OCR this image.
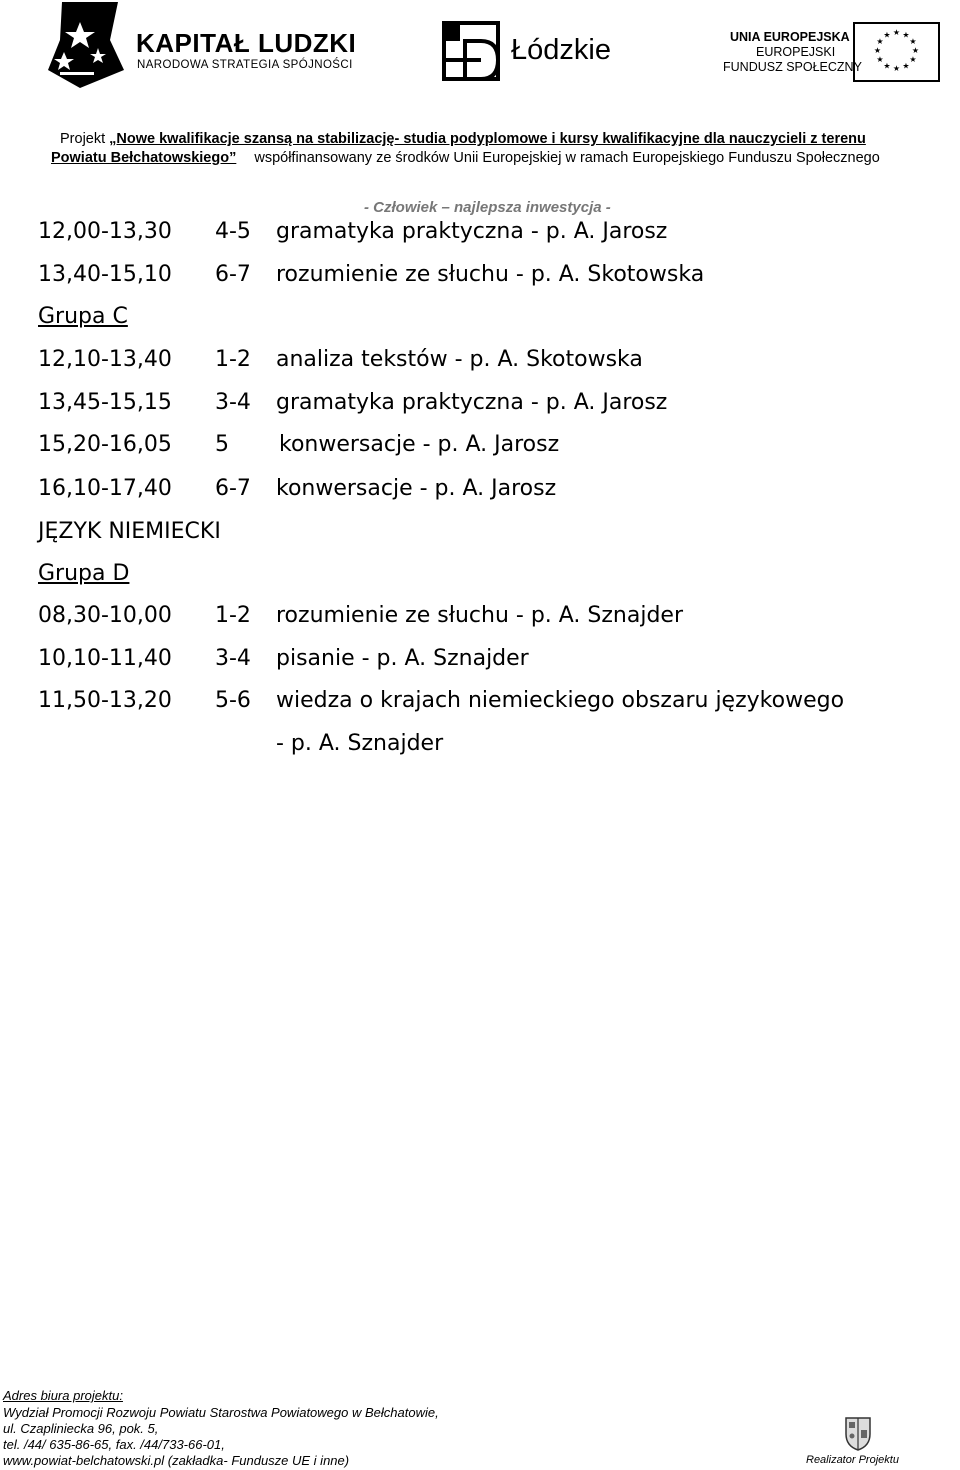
KAPITAŁ LUDZKI
NARODOWA STRATEGIA SPÓJNOŚCI	Łódzkie	UNIA EUROPEJSKA
EUROPEJSKI
FUNDUSZ SPOŁECZNY
★ ★
★
★
★
★
★
★
★
★
★
★
Projekt „Nowe kwalifikacje szansą na stabilizację- studia podyplomowe i kursy kwalifikacyjne dla nauczycieli z terenu
Powiatu Bełchatowskiego” współfinansowany ze środków Unii Europejskiej w ramach Europejskiego Funduszu Społecznego
- Człowiek – najlepsza inwestycja -
12,00-13,30 4-5 gramatyka praktyczna - p. A. Jarosz
13,40-15,10 6-7 rozumienie ze słuchu - p. A. Skotowska
Grupa C
12,10-13,40 1-2 analiza tekstów - p. A. Skotowska
13,45-15,15 3-4 gramatyka praktyczna - p. A. Jarosz
15,20-16,05 5 konwersacje - p. A. Jarosz
16,10-17,40 6-7 konwersacje - p. A. Jarosz
JĘZYK NIEMIECKI
Grupa D
08,30-10,00 1-2 rozumienie ze słuchu - p. A. Sznajder
10,10-11,40 3-4 pisanie - p. A. Sznajder
11,50-13,20 5-6 wiedza o krajach niemieckiego obszaru językowego
- p. A. Sznajder
Adres biura projektu:
Wydział Promocji Rozwoju Powiatu Starostwa Powiatowego w Bełchatowie,
ul. Czapliniecka 96, pok. 5,
tel. /44/ 635-86-65, fax. /44/733-66-01,
www.powiat-belchatowski.pl (zakładka- Fundusze UE i inne)	Realizator Projektu
